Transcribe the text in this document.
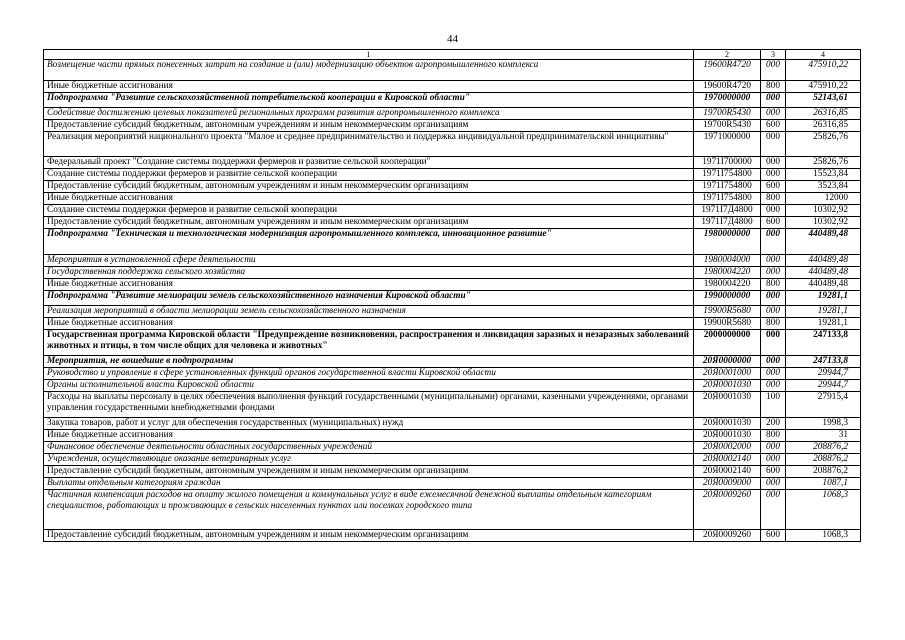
44
1	2	3	4
Возмещение части прямых понесенных затрат на создание и (или) модернизацию объектов агропромышленного комплекса	19600R4720	000	475910,22
Иные бюджетные ассигнования	19600R4720	800	475910,22
Подпрограмма "Развитие сельскохозяйственной потребительской кооперации в Кировской области"	1970000000	000	52143,61
Содействие достижению целевых показателей региональных программ развития агропромышленного комплекса	19700R5430	000	26316,85
Предоставление субсидий бюджетным, автономным учреждениям и иным некоммерческим организациям	19700R5430	600	26316,85
Реализация мероприятий национального проекта "Малое и среднее предпринимательство и поддержка индивидуальной предпринимательской инициативы"	1971000000	000	25826,76
Федеральный проект "Создание системы поддержки фермеров и развитие сельской кооперации"	1971I700000	000	25826,76
Создание системы поддержки фермеров и развитие сельской кооперации	1971I754800	000	15523,84
Предоставление субсидий бюджетным, автономным учреждениям и иным некоммерческим организациям	1971I754800	600	3523,84
Иные бюджетные ассигнования	1971I754800	800	12000
Создание системы поддержки фермеров и развитие сельской кооперации	1971I7Д4800	000	10302,92
Предоставление субсидий бюджетным, автономным учреждениям и иным некоммерческим организациям	1971I7Д4800	600	10302,92
Подпрограмма "Техническая и технологическая модернизация агропромышленного комплекса, инновационное развитие"	1980000000	000	440489,48
Мероприятия в установленной сфере деятельности	1980004000	000	440489,48
Государственная поддержка сельского хозяйства	1980004220	000	440489,48
Иные бюджетные ассигнования	1980004220	800	440489,48
Подпрограмма "Развитие мелиорации земель сельскохозяйственного назначения Кировской области"	1990000000	000	19281,1
Реализация мероприятий в области мелиорации земель сельскохозяйственного назначения	19900R5680	000	19281,1
Иные бюджетные ассигнования	19900R5680	800	19281,1
Государственная программа Кировской области "Предупреждение возникновения, распространения и ликвидация заразных и незаразных заболеваний животных и птицы, в том числе общих для человека и животных"	2000000000	000	247133,8
Мероприятия, не вошедшие в подпрограммы	20Я0000000	000	247133,8
Руководство и управление в сфере установленных функций органов государственной власти Кировской области	20Я0001000	000	29944,7
Органы исполнительной власти Кировской области	20Я0001030	000	29944,7
Расходы на выплаты персоналу в целях обеспечения выполнения функций государственными (муниципальными) органами, казенными учреждениями, органами управления государственными внебюджетными фондами	20Я0001030	100	27915,4
Закупка товаров, работ и услуг для обеспечения государственных (муниципальных) нужд	20Я0001030	200	1998,3
Иные бюджетные ассигнования	20Я0001030	800	31
Финансовое обеспечение деятельности областных государственных учреждений	20Я0002000	000	208876,2
Учреждения, осуществляющие оказание ветеринарных услуг	20Я0002140	000	208876,2
Предоставление субсидий бюджетным, автономным учреждениям и иным некоммерческим организациям	20Я0002140	600	208876,2
Выплаты отдельным категориям граждан	20Я0009000	000	1087,1
Частичная компенсация расходов на оплату жилого помещения и коммунальных услуг в виде ежемесячной денежной выплаты отдельным категориям специалистов, работающих и проживающих в сельских населенных пунктах или поселках городского типа	20Я0009260	000	1068,3
Предоставление субсидий бюджетным, автономным учреждениям и иным некоммерческим организациям	20Я0009260	600	1068,3
